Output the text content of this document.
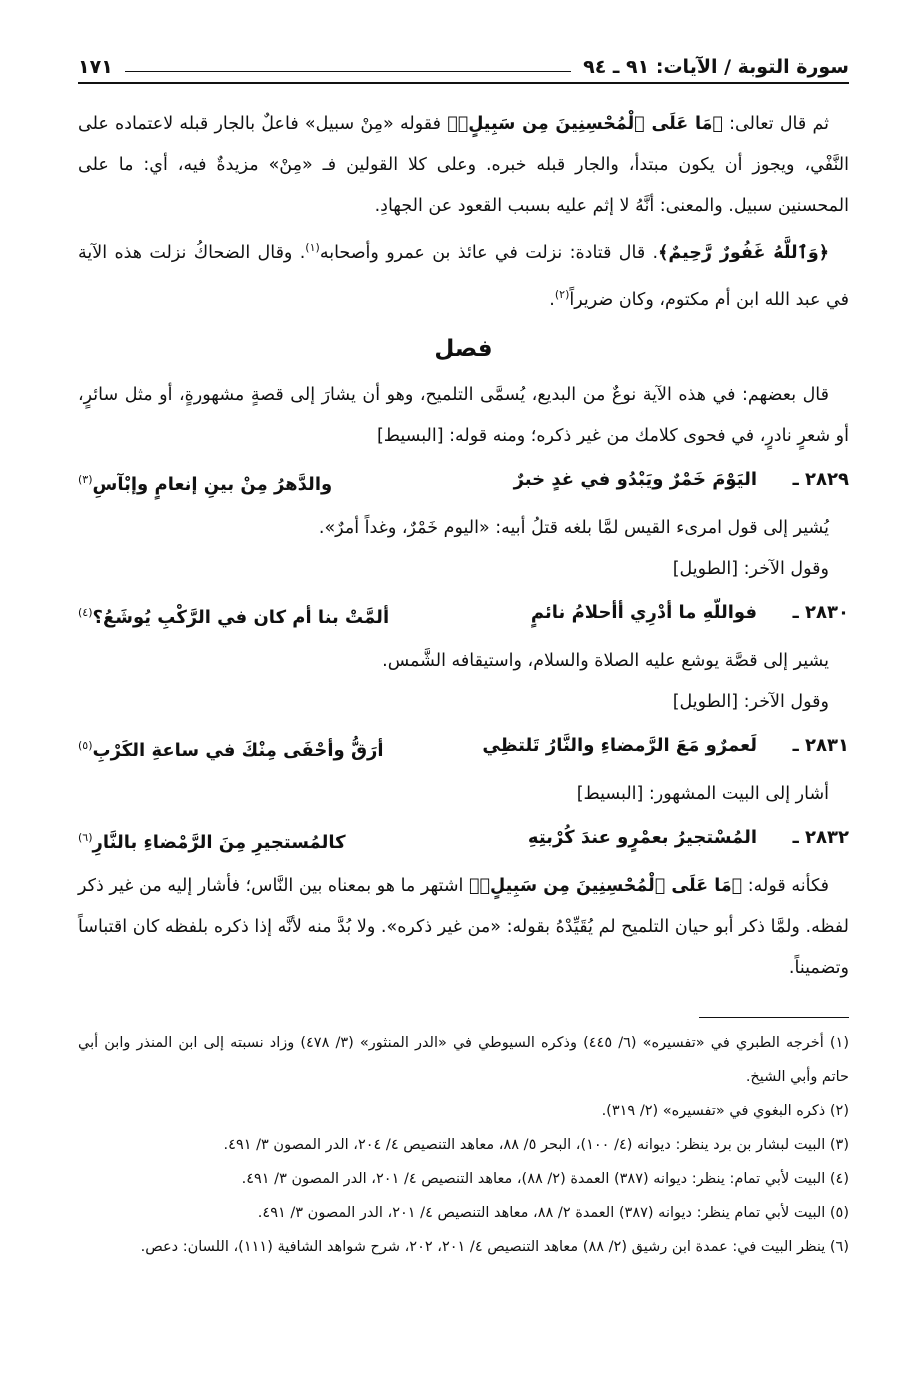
سورة التوبة / الآيات: ٩١ ـ ٩٤
١٧١

ثم قال تعالى: ﴿مَا عَلَى ٱلْمُحْسِنِينَ مِن سَبِيلٍۚ﴾ فقوله «مِنْ سبيل» فاعلٌ بالجار قبله لاعتماده على النَّفْي، ويجوز أن يكون مبتدأ، والجار قبله خبره. وعلى كلا القولين فـ «مِنْ» مزيدةٌ فيه، أي: ما على المحسنين سبيل. والمعنى: أنَّهُ لا إثم عليه بسبب القعود عن الجهادِ.

﴿وَٱللَّهُ غَفُورٌ رَّحِيمٌ﴾. قال قتادة: نزلت في عائذ بن عمرو وأصحابه$^{(١)}$. وقال الضحاكُ نزلت هذه الآية في عبد الله ابن أم مكتوم، وكان ضريراً$^{(٢)}$.

فصل

قال بعضهم: في هذه الآية نوعٌ من البديع، يُسمَّى التلميح، وهو أن يشارَ إلى قصةٍ مشهورةٍ، أو مثل سائرٍ، أو شعرٍ نادرٍ، في فحوى كلامك من غير ذكره؛ ومنه قوله: [البسيط]

٢٨٢٩ ـ
اليَوْمَ خَمْرٌ ويَبْدُو في غدٍ خبرٌ
والدَّهرُ مِنْ بينِ إنعامٍ وإبْآسِ$^{(٣)}$

يُشير إلى قول امرىء القيس لمَّا بلغه قتلُ أبيه: «اليوم خَمْرٌ، وغداً أمرٌ».

وقول الآخر: [الطويل]

٢٨٣٠ ـ
فواللّهِ ما أدْرِي أأحلامُ نائمٍ
ألمَّتْ بنا أم كان في الرَّكْبِ يُوشَعُ؟$^{(٤)}$

يشير إلى قصَّة يوشع عليه الصلاة والسلام، واستيقافه الشَّمس.

وقول الآخر: [الطويل]

٢٨٣١ ـ
لَعمرٌو مَعَ الرَّمضاءِ والنَّارُ تَلتظِي
أرَقُّ وأحْفَى مِنْكَ في ساعةِ الكَرْبِ$^{(٥)}$

أشار إلى البيت المشهور: [البسيط]

٢٨٣٢ ـ
المُسْتجيرُ بعمْرٍو عندَ كُرْبتِهِ
كالمُستجيرِ مِنَ الرَّمْضاءِ بالنَّارِ$^{(٦)}$

فكأنه قوله: ﴿مَا عَلَى ٱلْمُحْسِنِينَ مِن سَبِيلٍۚ﴾ اشتهر ما هو بمعناه بين النَّاس؛ فأشار إليه من غير ذكر لفظه. ولمَّا ذكر أبو حيان التلميح لم يُقَيِّدْهُ بقوله: «من غير ذكره». ولا بُدَّ منه لأنَّه إذا ذكره بلفظه كان اقتباساً وتضميناً.

(١) أخرجه الطبري في «تفسيره» (٦/ ٤٤٥) وذكره السيوطي في «الدر المنثور» (٣/ ٤٧٨) وزاد نسبته إلى ابن المنذر وابن أبي حاتم وأبي الشيخ.

(٢) ذكره البغوي في «تفسيره» (٢/ ٣١٩).

(٣) البيت لبشار بن برد ينظر: ديوانه (٤/ ١٠٠)، البحر ٥/ ٨٨، معاهد التنصيص ٤/ ٢٠٤، الدر المصون ٣/ ٤٩١.

(٤) البيت لأبي تمام: ينظر: ديوانه (٣٨٧) العمدة (٢/ ٨٨)، معاهد التنصيص ٤/ ٢٠١، الدر المصون ٣/ ٤٩١.

(٥) البيت لأبي تمام ينظر: ديوانه (٣٨٧) العمدة ٢/ ٨٨، معاهد التنصيص ٤/ ٢٠١، الدر المصون ٣/ ٤٩١.

(٦) ينظر البيت في: عمدة ابن رشيق (٢/ ٨٨) معاهد التنصيص ٤/ ٢٠١، ٢٠٢، شرح شواهد الشافية (١١١)، اللسان: دعص.
